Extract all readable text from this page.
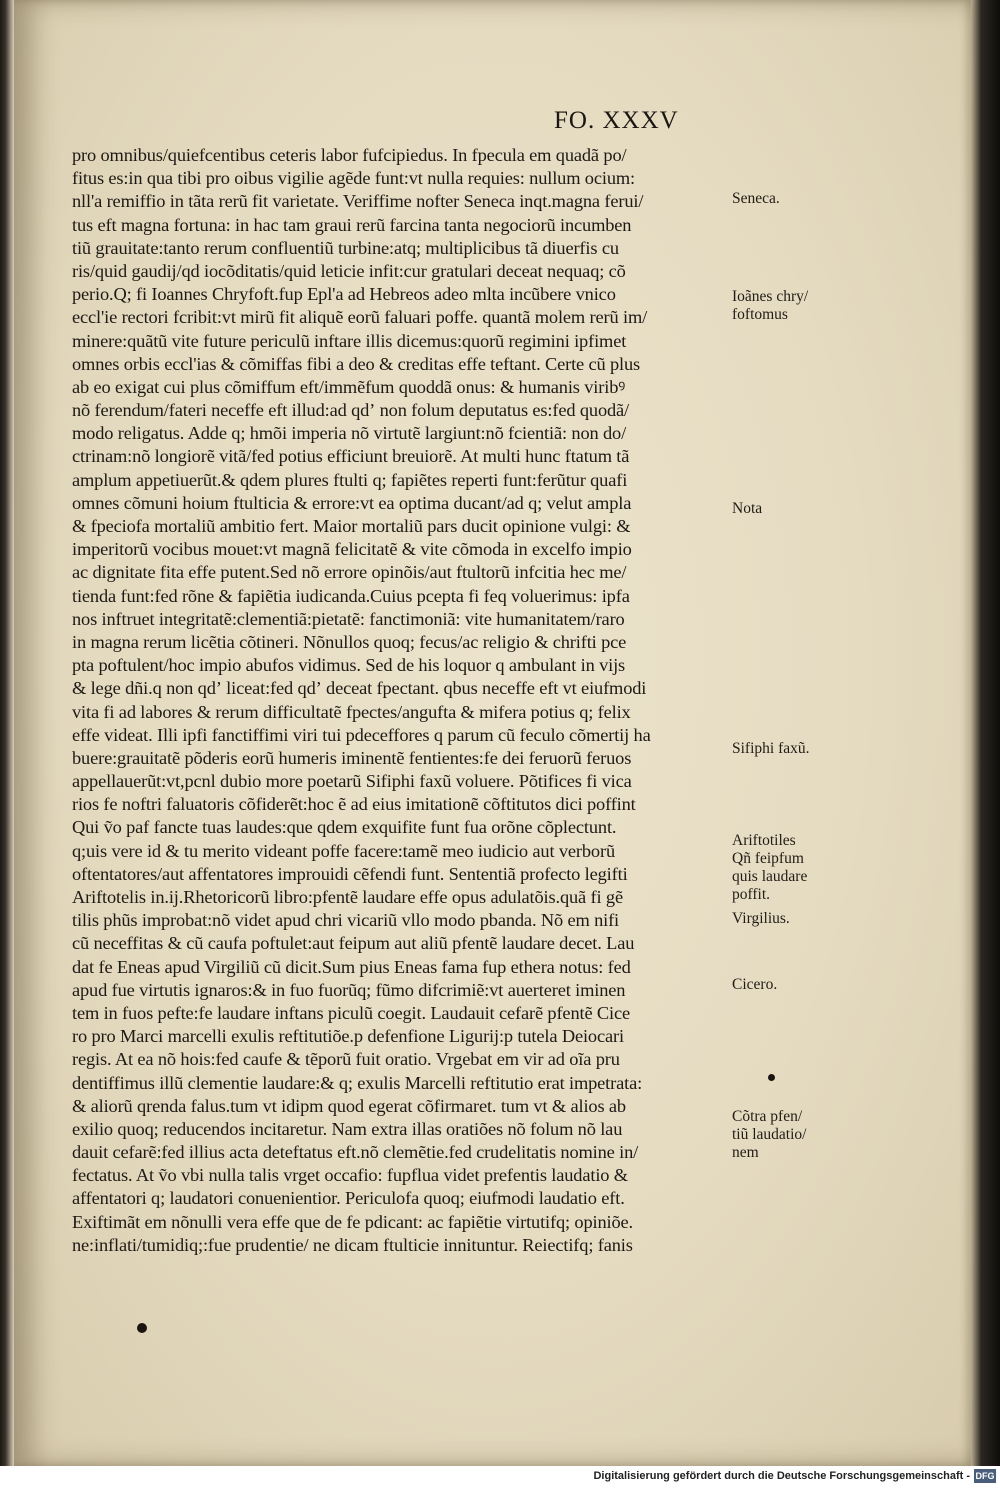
FO. XXXV
pro omnibus/quiefcentibus ceteris labor fufcipiedus. In fpecula em quadã po/
fitus es:in qua tibi pro oibus vigilie agẽde funt:vt nulla requies: nullum ocium:
nll'a remiffio in tãta rerũ fit varietate. Veriffime nofter Seneca inqt.magna ferui/
tus eft magna fortuna: in hac tam graui rerũ farcina tanta negociorũ incumben
tiũ grauitate:tanto rerum confluentiũ turbine:atq; multiplicibus tã diuerfis cu
ris/quid gaudij/qd iocõditatis/quid leticie infit:cur gratulari deceat nequaq; cõ
perio.Q; fi Ioannes Chryfoft.fup Epl'a ad Hebreos adeo mlta incũbere vnico
eccl'ie rectori fcribit:vt mirũ fit aliquẽ eorũ faluari poffe. quantã molem rerũ im/
minere:quãtũ vite future periculũ inftare illis dicemus:quorũ regimini ipfimet
omnes orbis eccl'ias & cõmiffas fibi a deo & creditas effe teftant. Certe cũ plus
ab eo exigat cui plus cõmiffum eft/immẽfum quoddã onus: & humanis viribꝰ
nõ ferendum/fateri neceffe eft illud:ad qdʼ non folum deputatus es:fed quodã/
modo religatus. Adde q; hmõi imperia nõ virtutẽ largiunt:nõ fcientiã: non do/
ctrinam:nõ longiorẽ vitã/fed potius efficiunt breuiorẽ. At multi hunc ftatum tã
amplum appetiuerũt.& qdem plures ftulti q; fapiẽtes reperti funt:ferũtur quafi
omnes cõmuni hoium ftulticia & errore:vt ea optima ducant/ad q; velut ampla
& fpeciofa mortaliũ ambitio fert. Maior mortaliũ pars ducit opinione vulgi: &
imperitorũ vocibus mouet:vt magnã felicitatẽ & vite cõmoda in excelfo impio
ac dignitate fita effe putent.Sed nõ errore opinõis/aut ftultorũ infcitia hec me/
tienda funt:fed rõne & fapiẽtia iudicanda.Cuius pcepta fi feq voluerimus: ipfa
nos inftruet integritatẽ:clementiã:pietatẽ: fanctimoniã: vite humanitatem/raro
in magna rerum licẽtia cõtineri. Nõnullos quoq; fecus/ac religio & chrifti pce
pta poftulent/hoc impio abufos vidimus. Sed de his loquor q ambulant in vijs
& lege dñi.q non qdʼ liceat:fed qdʼ deceat fpectant. qbus neceffe eft vt eiufmodi
vita fi ad labores & rerum difficultatẽ fpectes/angufta & mifera potius q; felix
effe videat. Illi ipfi fanctiffimi viri tui pdeceffores q parum cũ feculo cõmertij ha
buere:grauitatẽ põderis eorũ humeris iminentẽ fentientes:fe dei feruorũ feruos
appellauerũt:vt,pcnl dubio more poetarũ Sifiphi faxũ voluere. Põtifices fi vica
rios fe noftri faluatoris cõfiderẽt:hoc ẽ ad eius imitationẽ cõftitutos dici poffint
Qui ṽo paf fancte tuas laudes:que qdem exquifite funt fua orõne cõplectunt.
q;uis vere id & tu merito videant poffe facere:tamẽ meo iudicio aut verborũ
oftentatores/aut affentatores improuidi cẽfendi funt. Sententiã profecto legifti
Ariftotelis in.ij.Rhetoricorũ libro:pfentẽ laudare effe opus adulatõis.quã fi gẽ
tilis phũs improbat:nõ videt apud chri vicariũ vllo modo pbanda. Nõ em nifi
cũ neceffitas & cũ caufa poftulet:aut feipum aut aliũ pfentẽ laudare decet. Lau
dat fe Eneas apud Virgiliũ cũ dicit.Sum pius Eneas fama fup ethera notus: fed
apud fue virtutis ignaros:& in fuo fuorũq; fũmo difcrimiẽ:vt auerteret iminen
tem in fuos pefte:fe laudare inftans piculũ coegit. Laudauit cefarẽ pfentẽ Cice
ro pro Marci marcelli exulis reftitutiõe.p defenfione Ligurij:p tutela Deiocari
regis. At ea nõ hois:fed caufe & tẽporũ fuit oratio. Vrgebat em vir ad oĩa pru
dentiffimus illũ clementie laudare:& q; exulis Marcelli reftitutio erat impetrata:
& aliorũ qrenda falus.tum vt idipm quod egerat cõfirmaret. tum vt & alios ab
exilio quoq; reducendos incitaretur. Nam extra illas oratiões nõ folum nõ lau
dauit cefarẽ:fed illius acta deteftatus eft.nõ clemẽtie.fed crudelitatis nomine in/
fectatus. At ṽo vbi nulla talis vrget occafio: fupflua videt prefentis laudatio &
affentatori q; laudatori conuenientior. Periculofa quoq; eiufmodi laudatio eft.
Exiftimãt em nõnulli vera effe que de fe pdicant: ac fapiẽtie virtutifq; opiniõe.
ne:inflati/tumidiq;:fue prudentie/ ne dicam ftulticie innituntur. Reiectifq; fanis
Seneca.
Ioãnes chry/
foftomus
Nota
Sifiphi faxũ.
Ariftotiles
Qñ feipfum
quis laudare
poffit.
Virgilius.
Cicero.
Cõtra pfen/
tiũ laudatio/
nem
Digitalisierung gefördert durch die Deutsche Forschungsgemeinschaft - DFG
